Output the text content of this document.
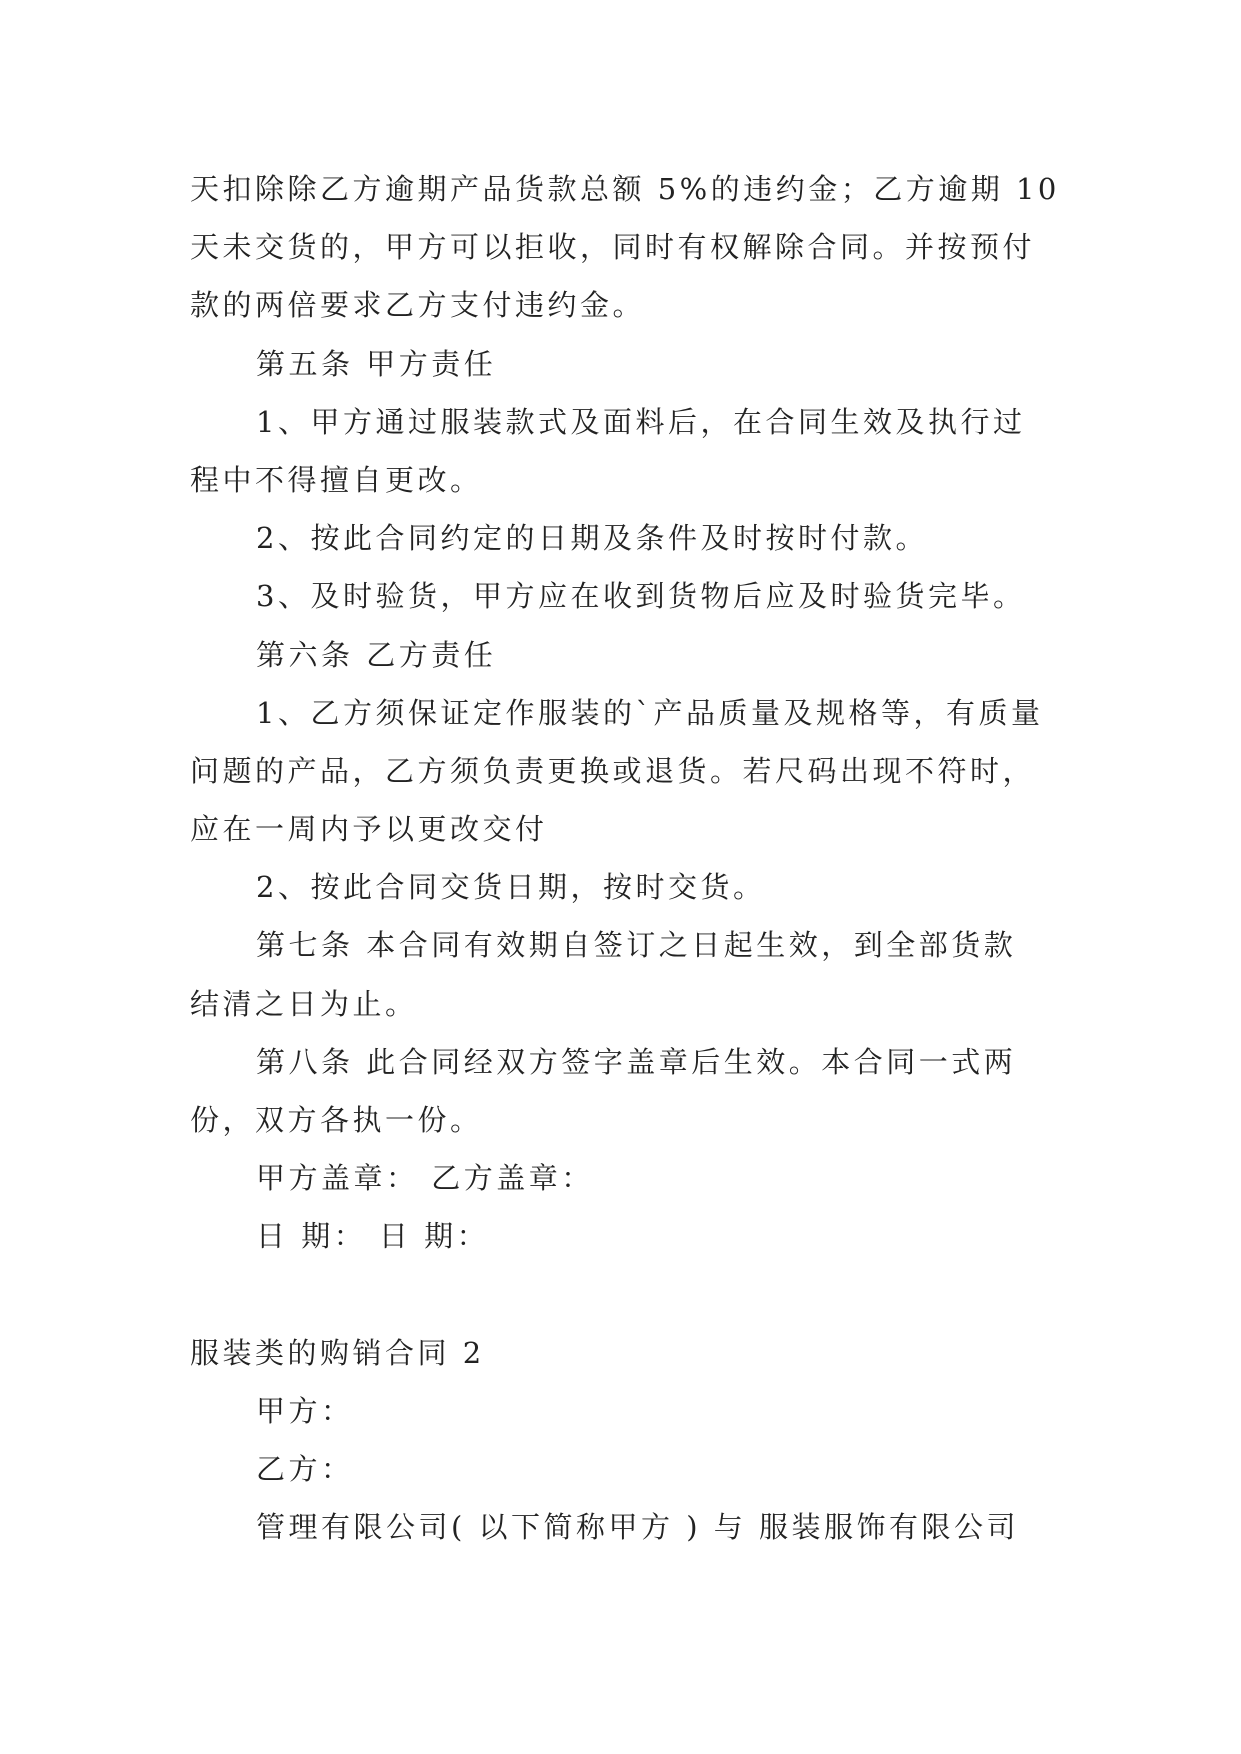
天扣除除乙方逾期产品货款总额 5%的违约金；乙方逾期 10
天未交货的，甲方可以拒收，同时有权解除合同。并按预付
款的两倍要求乙方支付违约金。
第五条 甲方责任
1、甲方通过服装款式及面料后，在合同生效及执行过
程中不得擅自更改。
2、按此合同约定的日期及条件及时按时付款。
3、及时验货，甲方应在收到货物后应及时验货完毕。
第六条 乙方责任
1、乙方须保证定作服装的`产品质量及规格等，有质量
问题的产品，乙方须负责更换或退货。若尺码出现不符时，
应在一周内予以更改交付
2、按此合同交货日期，按时交货。
第七条 本合同有效期自签订之日起生效，到全部货款
结清之日为止。
第八条 此合同经双方签字盖章后生效。本合同一式两
份，双方各执一份。
甲方盖章： 乙方盖章：
日 期： 日 期：
服装类的购销合同 2
甲方：
乙方：
管理有限公司( 以下简称甲方 ) 与 服装服饰有限公司
